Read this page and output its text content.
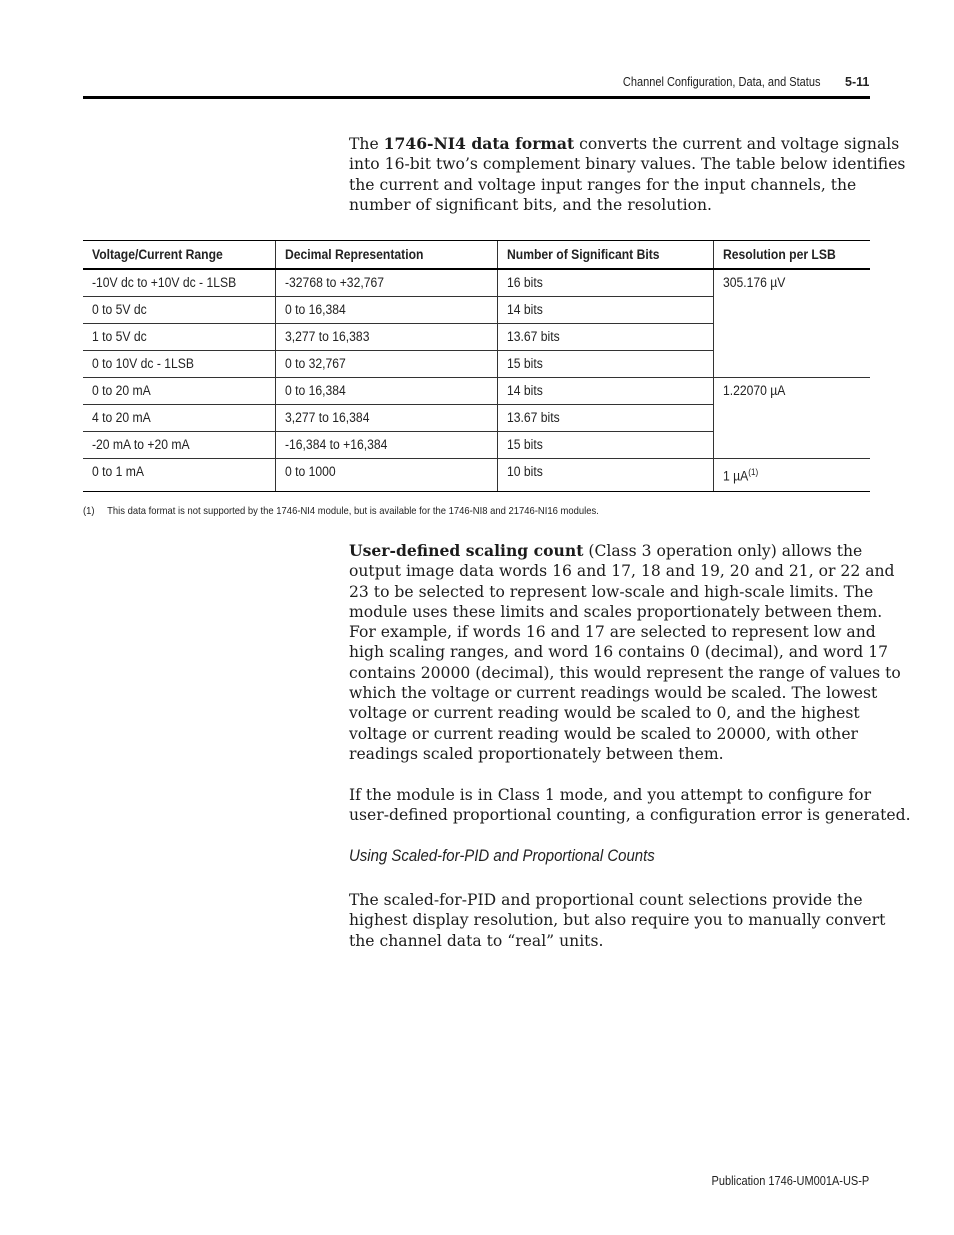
Channel Configuration, Data, and Status 5-11
The 1746-NI4 data format converts the current and voltage signals
into 16-bit two’s complement binary values. The table below identifies
the current and voltage input ranges for the input channels, the
number of significant bits, and the resolution.
Voltage/Current Range	Decimal Representation	Number of Significant Bits	Resolution per LSB
-10V dc to +10V dc - 1LSB	-32768 to +32,767	16 bits	305.176 µV
0 to 5V dc	0 to 16,384	14 bits	
1 to 5V dc	3,277 to 16,383	13.67 bits	
0 to 10V dc - 1LSB	0 to 32,767	15 bits	
0 to 20 mA	0 to 16,384	14 bits	1.22070 µA
4 to 20 mA	3,277 to 16,384	13.67 bits	
-20 mA to +20 mA	-16,384 to +16,384	15 bits	
0 to 1 mA	0 to 1000	10 bits	1 µA$^{(1)}$
(1) This data format is not supported by the 1746-NI4 module, but is available for the 1746-NI8 and 21746-NI16 modules.
User-defined scaling count (Class 3 operation only) allows the
output image data words 16 and 17, 18 and 19, 20 and 21, or 22 and
23 to be selected to represent low-scale and high-scale limits. The
module uses these limits and scales proportionately between them.
For example, if words 16 and 17 are selected to represent low and
high scaling ranges, and word 16 contains 0 (decimal), and word 17
contains 20000 (decimal), this would represent the range of values to
which the voltage or current readings would be scaled. The lowest
voltage or current reading would be scaled to 0, and the highest
voltage or current reading would be scaled to 20000, with other
readings scaled proportionately between them.
If the module is in Class 1 mode, and you attempt to configure for
user-defined proportional counting, a configuration error is generated.
Using Scaled-for-PID and Proportional Counts
The scaled-for-PID and proportional count selections provide the
highest display resolution, but also require you to manually convert
the channel data to “real” units.
Publication 1746-UM001A-US-P
